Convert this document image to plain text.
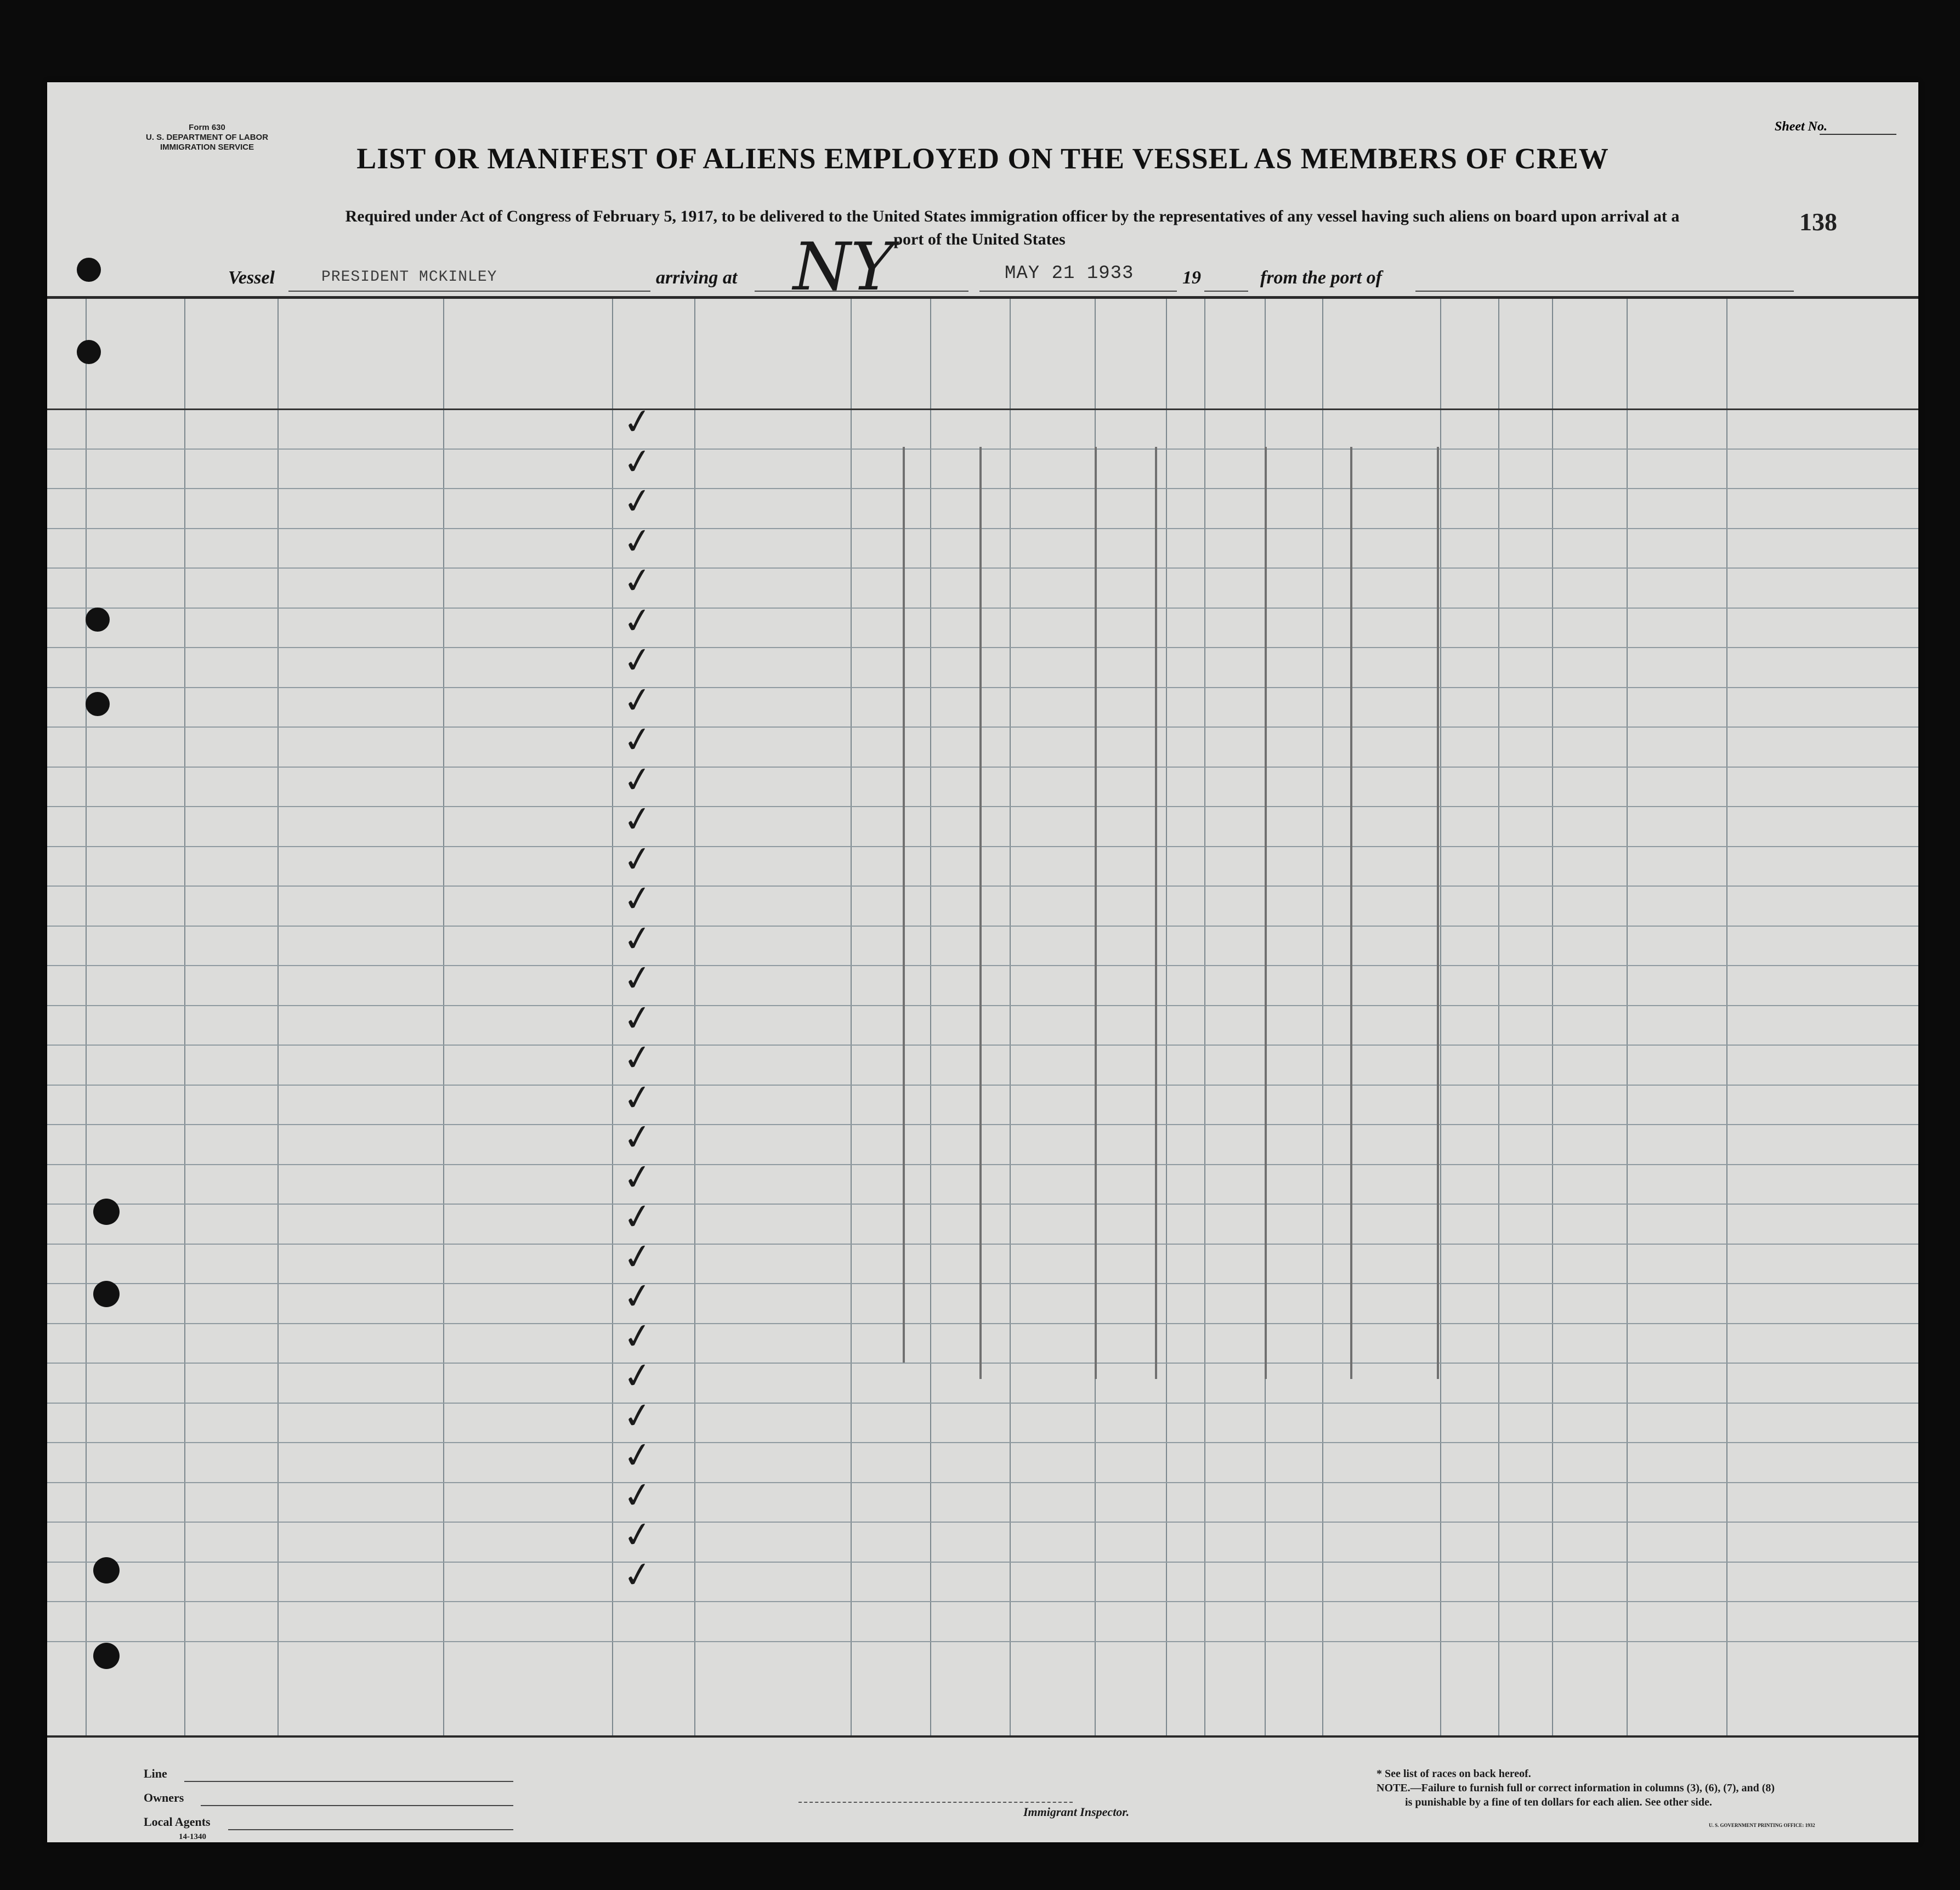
Form 630
U. S. DEPARTMENT OF LABOR
IMMIGRATION SERVICE
Sheet No.
LIST OR MANIFEST OF ALIENS EMPLOYED ON THE VESSEL AS MEMBERS OF CREW
Required under Act of Congress of February 5, 1917, to be delivered to the United States immigration officer by the representatives of any vessel having such aliens on board upon arrival at a
port of the United States
138
Vessel	PRESIDENT MCKINLEY	arriving at NY	MAY 21 1933	19	from the port of
✓
✓
✓
✓
✓
✓
✓
✓
✓
✓
✓
✓
✓
✓
✓
✓
✓
✓
✓
✓
✓
✓
✓
✓
✓
✓
✓
✓
✓
✓
Line
Owners
Local Agents
14-1340
Immigrant Inspector.
* See list of races on back hereof.
NOTE.—Failure to furnish full or correct information in columns (3), (6), (7), and (8)
is punishable by a fine of ten dollars for each alien. See other side.
U. S. GOVERNMENT PRINTING OFFICE: 1932
